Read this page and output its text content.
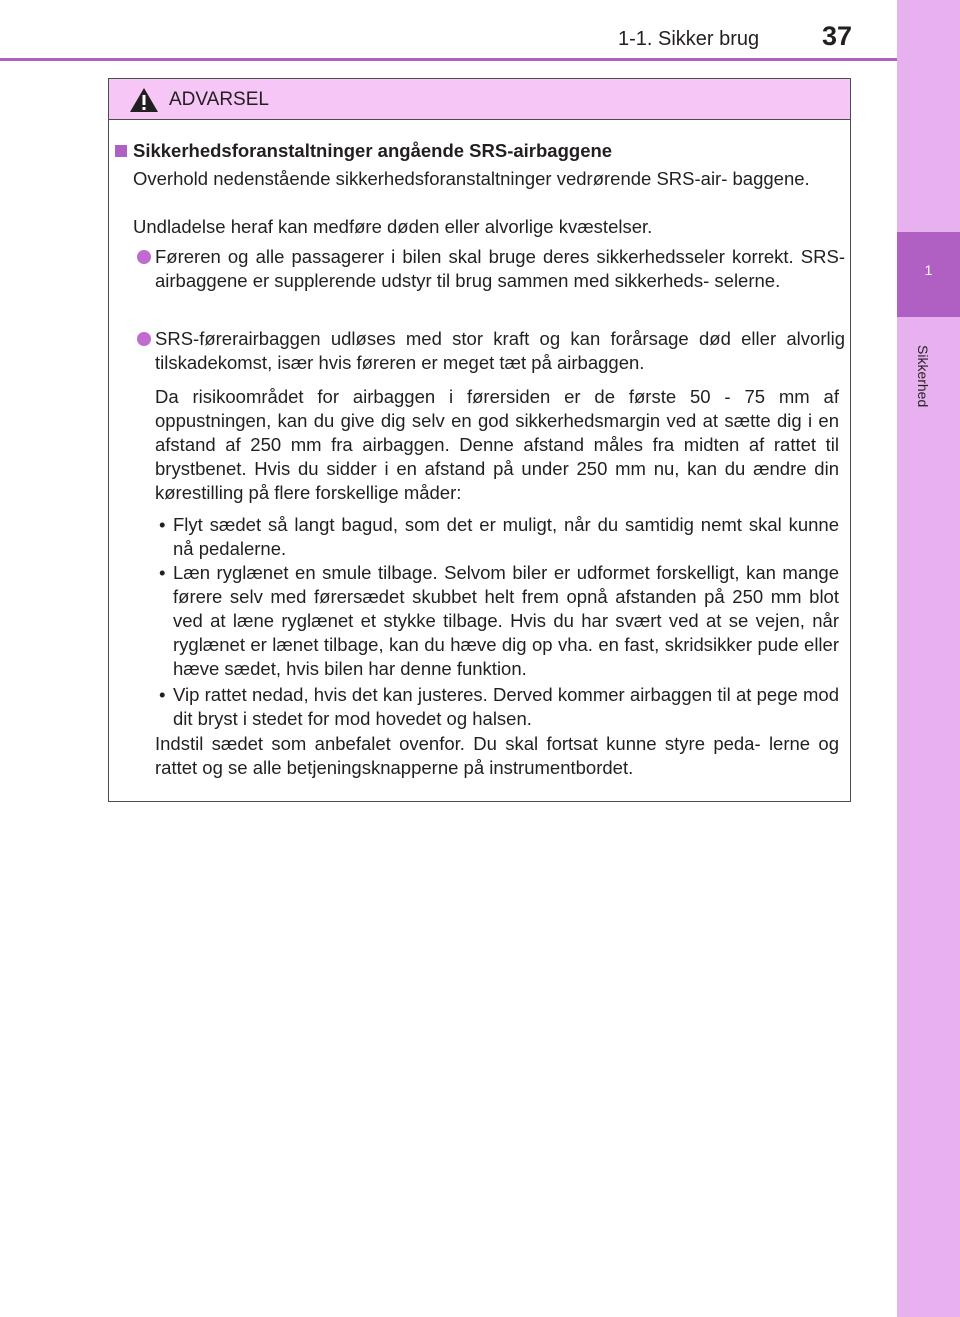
1
Sikkerhed
1-1. Sikker brug 37
ADVARSEL
Sikkerhedsforanstaltninger angående SRS-airbaggene
Overhold nedenstående sikkerhedsforanstaltninger vedrørende SRS-air- baggene.
Undladelse heraf kan medføre døden eller alvorlige kvæstelser.
Føreren og alle passagerer i bilen skal bruge deres sikkerhedsseler korrekt. SRS-airbaggene er supplerende udstyr til brug sammen med sikkerheds- selerne.
SRS-førerairbaggen udløses med stor kraft og kan forårsage død eller alvorlig tilskadekomst, især hvis føreren er meget tæt på airbaggen.
Da risikoområdet for airbaggen i førersiden er de første 50 - 75 mm af oppustningen, kan du give dig selv en god sikkerhedsmargin ved at sætte dig i en afstand af 250 mm fra airbaggen. Denne afstand måles fra midten af rattet til brystbenet. Hvis du sidder i en afstand på under 250 mm nu, kan du ændre din kørestilling på flere forskellige måder:
• Flyt sædet så langt bagud, som det er muligt, når du samtidig nemt skal kunne nå pedalerne.
• Læn ryglænet en smule tilbage. Selvom biler er udformet forskelligt, kan mange førere selv med førersædet skubbet helt frem opnå afstanden på 250 mm blot ved at læne ryglænet et stykke tilbage. Hvis du har svært ved at se vejen, når ryglænet er lænet tilbage, kan du hæve dig op vha. en fast, skridsikker pude eller hæve sædet, hvis bilen har denne funktion.
• Vip rattet nedad, hvis det kan justeres. Derved kommer airbaggen til at pege mod dit bryst i stedet for mod hovedet og halsen.
Indstil sædet som anbefalet ovenfor. Du skal fortsat kunne styre peda- lerne og rattet og se alle betjeningsknapperne på instrumentbordet.
